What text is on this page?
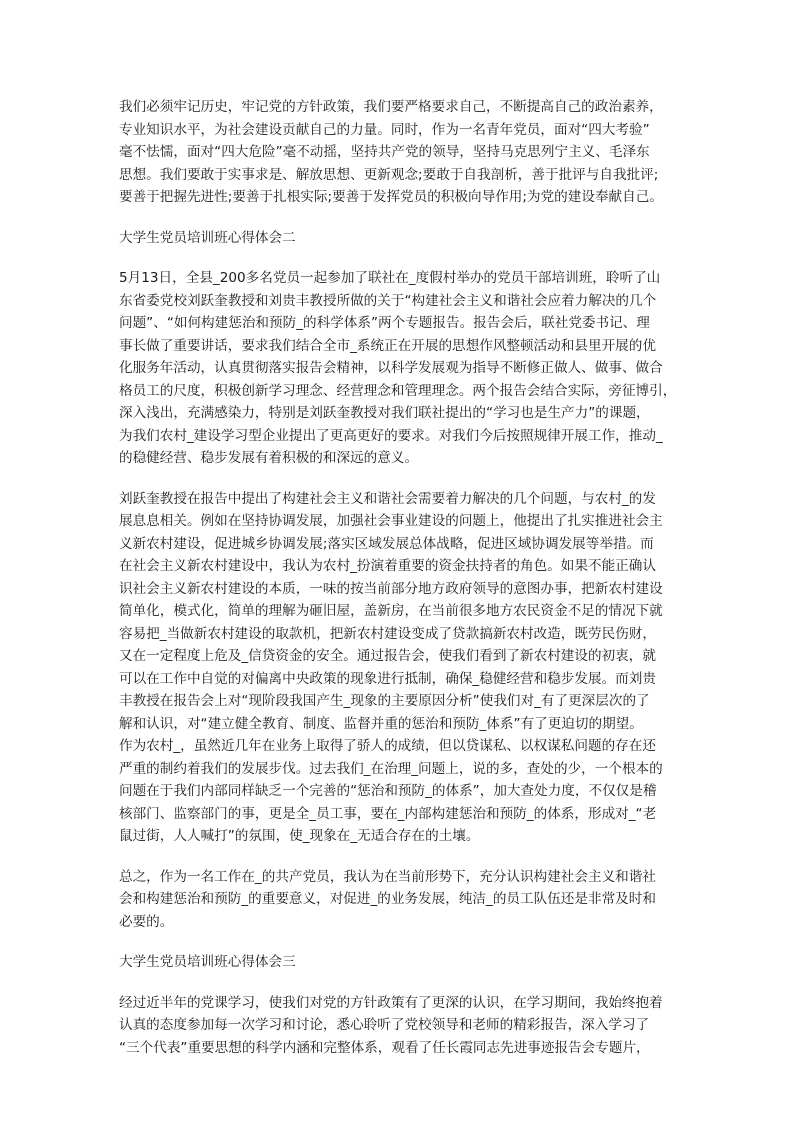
我们必须牢记历史，牢记党的方针政策，我们要严格要求自己，不断提高自己的政治素养，
专业知识水平，为社会建设贡献自己的力量。同时，作为一名青年党员，面对“四大考验”
毫不怯懦，面对“四大危险”毫不动摇，坚持共产党的领导，坚持马克思列宁主义、毛泽东
思想。我们要敢于实事求是、解放思想、更新观念;要敢于自我剖析，善于批评与自我批评;
要善于把握先进性;要善于扎根实际;要善于发挥党员的积极向导作用;为党的建设奉献自己。

大学生党员培训班心得体会二

5月13日，全县_200多名党员一起参加了联社在_度假村举办的党员干部培训班，聆听了山
东省委党校刘跃奎教授和刘贵丰教授所做的关于“构建社会主义和谐社会应着力解决的几个
问题”、“如何构建惩治和预防_的科学体系”两个专题报告。报告会后，联社党委书记、理
事长做了重要讲话，要求我们结合全市_系统正在开展的思想作风整顿活动和县里开展的优
化服务年活动，认真贯彻落实报告会精神，以科学发展观为指导不断修正做人、做事、做合
格员工的尺度，积极创新学习理念、经营理念和管理理念。两个报告会结合实际，旁征博引，
深入浅出，充满感染力，特别是刘跃奎教授对我们联社提出的“学习也是生产力”的课题，
为我们农村_建设学习型企业提出了更高更好的要求。对我们今后按照规律开展工作，推动_
的稳健经营、稳步发展有着积极的和深远的意义。

刘跃奎教授在报告中提出了构建社会主义和谐社会需要着力解决的几个问题，与农村_的发
展息息相关。例如在坚持协调发展，加强社会事业建设的问题上，他提出了扎实推进社会主
义新农村建设，促进城乡协调发展;落实区域发展总体战略，促进区域协调发展等举措。而
在社会主义新农村建设中，我认为农村_扮演着重要的资金扶持者的角色。如果不能正确认
识社会主义新农村建设的本质，一味的按当前部分地方政府领导的意图办事，把新农村建设
简单化，模式化，简单的理解为砸旧屋，盖新房，在当前很多地方农民资金不足的情况下就
容易把_当做新农村建设的取款机，把新农村建设变成了贷款搞新农村改造，既劳民伤财，
又在一定程度上危及_信贷资金的安全。通过报告会，使我们看到了新农村建设的初衷，就
可以在工作中自觉的对偏离中央政策的现象进行抵制，确保_稳健经营和稳步发展。而刘贵
丰教授在报告会上对“现阶段我国产生_现象的主要原因分析”使我们对_有了更深层次的了
解和认识，对“建立健全教育、制度、监督并重的惩治和预防_体系”有了更迫切的期望。
作为农村_，虽然近几年在业务上取得了骄人的成绩，但以贷谋私、以权谋私问题的存在还
严重的制约着我们的发展步伐。过去我们_在治理_问题上，说的多，查处的少，一个根本的
问题在于我们内部同样缺乏一个完善的“惩治和预防_的体系”，加大查处力度，不仅仅是稽
核部门、监察部门的事，更是全_员工事，要在_内部构建惩治和预防_的体系，形成对_“老
鼠过街，人人喊打”的氛围，使_现象在_无适合存在的土壤。

总之，作为一名工作在_的共产党员，我认为在当前形势下，充分认识构建社会主义和谐社
会和构建惩治和预防_的重要意义，对促进_的业务发展，纯洁_的员工队伍还是非常及时和
必要的。

大学生党员培训班心得体会三

经过近半年的党课学习，使我们对党的方针政策有了更深的认识，在学习期间，我始终抱着
认真的态度参加每一次学习和讨论，悉心聆听了党校领导和老师的精彩报告，深入学习了
“三个代表”重要思想的科学内涵和完整体系，观看了任长霞同志先进事迹报告会专题片，
